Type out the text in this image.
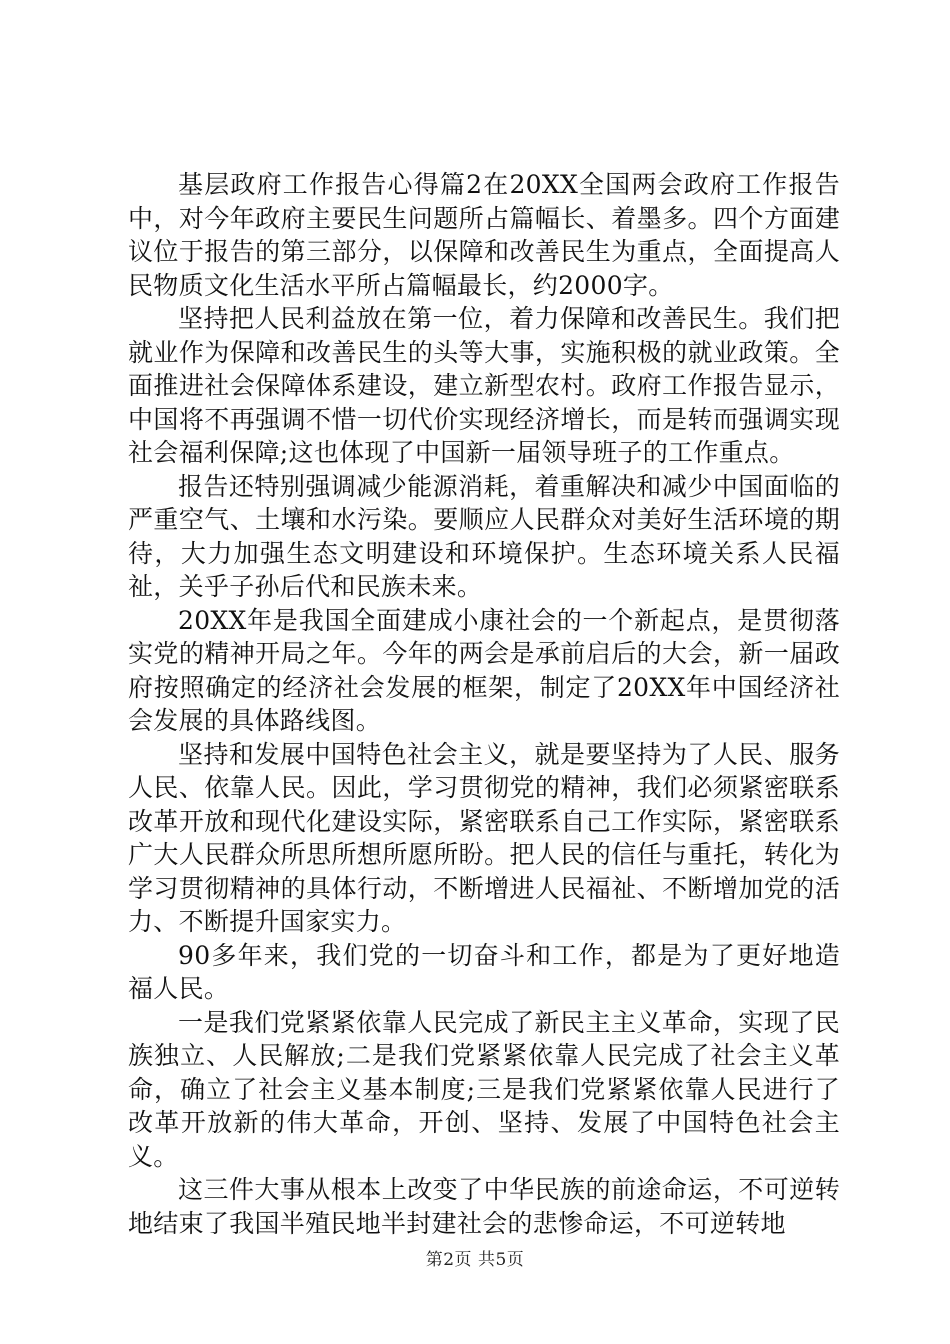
基层政府工作报告心得篇2在20XX全国两会政府工作报告中，对今年政府主要民生问题所占篇幅长、着墨多。四个方面建议位于报告的第三部分，以保障和改善民生为重点，全面提高人民物质文化生活水平所占篇幅最长，约2000字。

坚持把人民利益放在第一位，着力保障和改善民生。我们把就业作为保障和改善民生的头等大事，实施积极的就业政策。全面推进社会保障体系建设，建立新型农村。政府工作报告显示，中国将不再强调不惜一切代价实现经济增长，而是转而强调实现社会福利保障;这也体现了中国新一届领导班子的工作重点。

报告还特别强调减少能源消耗，着重解决和减少中国面临的严重空气、土壤和水污染。要顺应人民群众对美好生活环境的期待，大力加强生态文明建设和环境保护。生态环境关系人民福祉，关乎子孙后代和民族未来。

20XX年是我国全面建成小康社会的一个新起点，是贯彻落实党的精神开局之年。今年的两会是承前启后的大会，新一届政府按照确定的经济社会发展的框架，制定了20XX年中国经济社会发展的具体路线图。

坚持和发展中国特色社会主义，就是要坚持为了人民、服务人民、依靠人民。因此，学习贯彻党的精神，我们必须紧密联系改革开放和现代化建设实际，紧密联系自己工作实际，紧密联系广大人民群众所思所想所愿所盼。把人民的信任与重托，转化为学习贯彻精神的具体行动，不断增进人民福祉、不断增加党的活力、不断提升国家实力。

90多年来，我们党的一切奋斗和工作，都是为了更好地造福人民。

一是我们党紧紧依靠人民完成了新民主主义革命，实现了民族独立、人民解放;二是我们党紧紧依靠人民完成了社会主义革命，确立了社会主义基本制度;三是我们党紧紧依靠人民进行了改革开放新的伟大革命，开创、坚持、发展了中国特色社会主义。

这三件大事从根本上改变了中华民族的前途命运，不可逆转地结束了我国半殖民地半封建社会的悲惨命运，不可逆转地

第2页 共5页
